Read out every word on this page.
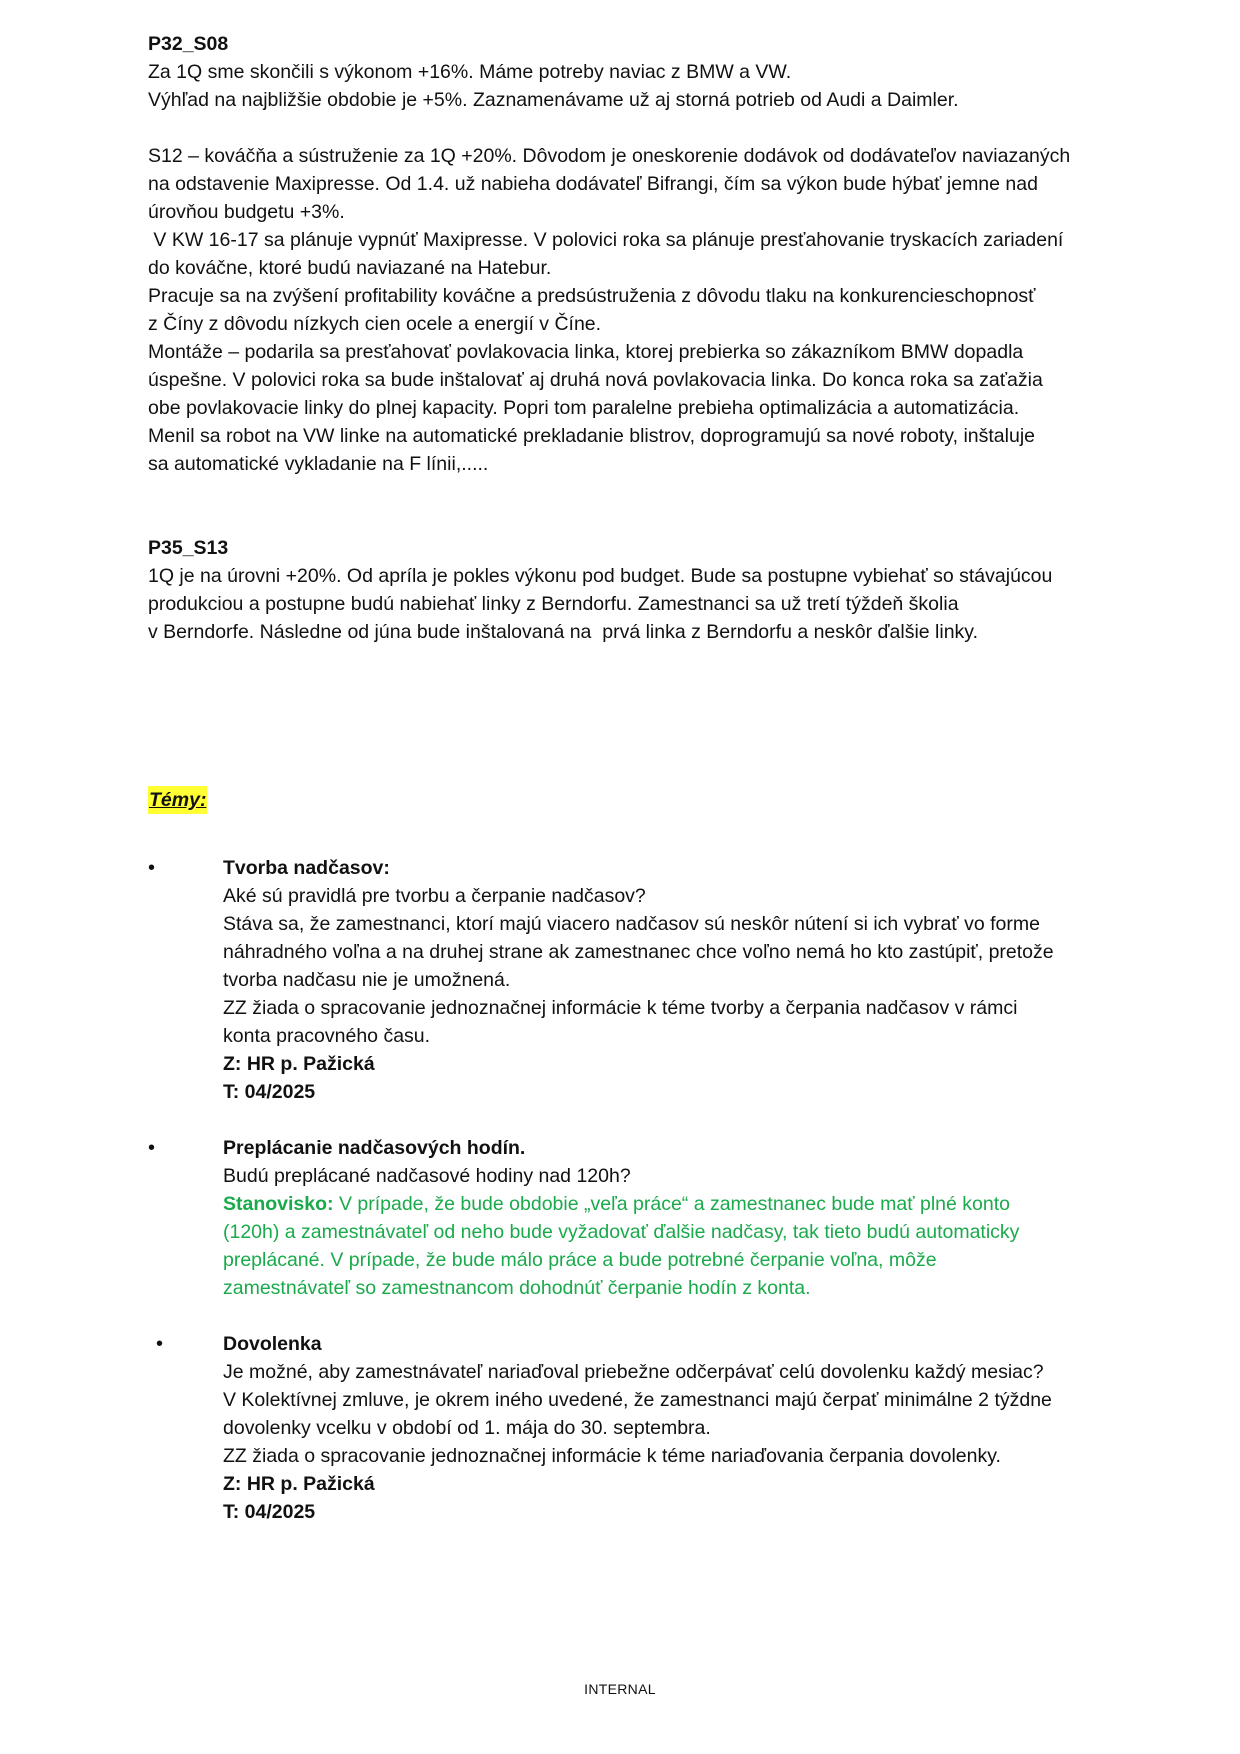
P32_S08
Za 1Q sme skončili s výkonom +16%. Máme potreby naviac z BMW a VW.
Výhľad na najbližšie obdobie je +5%. Zaznamenávame už aj storná potrieb od Audi a Daimler.
S12 – kováčňa a sústruženie za 1Q +20%. Dôvodom je oneskorenie dodávok od dodávateľov naviazaných
na odstavenie Maxipresse. Od 1.4. už nabieha dodávateľ Bifrangi, čím sa výkon bude hýbať jemne nad
úrovňou budgetu +3%.
V KW 16-17 sa plánuje vypnúť Maxipresse. V polovici roka sa plánuje presťahovanie tryskacích zariadení
do kováčne, ktoré budú naviazané na Hatebur.
Pracuje sa na zvýšení profitability kováčne a predsústruženia z dôvodu tlaku na konkurencieschopnosť
z Číny z dôvodu nízkych cien ocele a energií v Číne.
Montáže – podarila sa presťahovať povlakovacia linka, ktorej prebierka so zákazníkom BMW dopadla
úspešne. V polovici roka sa bude inštalovať aj druhá nová povlakovacia linka. Do konca roka sa zaťažia
obe povlakovacie linky do plnej kapacity. Popri tom paralelne prebieha optimalizácia a automatizácia.
Menil sa robot na VW linke na automatické prekladanie blistrov, doprogramujú sa nové roboty, inštaluje
sa automatické vykladanie na F línii,.....
P35_S13
1Q je na úrovni +20%. Od apríla je pokles výkonu pod budget. Bude sa postupne vybiehať so stávajúcou
produkciou a postupne budú nabiehať linky z Berndorfu. Zamestnanci sa už tretí týždeň školia
v Berndorfe. Následne od júna bude inštalovaná na  prvá linka z Berndorfu a neskôr ďalšie linky.
Témy:
•	Tvorba nadčasov:
Aké sú pravidlá pre tvorbu a čerpanie nadčasov?
Stáva sa, že zamestnanci, ktorí majú viacero nadčasov sú neskôr nútení si ich vybrať vo forme
náhradného voľna a na druhej strane ak zamestnanec chce voľno nemá ho kto zastúpiť, pretože
tvorba nadčasu nie je umožnená.
ZZ žiada o spracovanie jednoznačnej informácie k téme tvorby a čerpania nadčasov v rámci
konta pracovného času.
Z: HR p. Pažická
T: 04/2025
•	Preplácanie nadčasových hodín.
Budú preplácané nadčasové hodiny nad 120h?
Stanovisko: V prípade, že bude obdobie „veľa práce“ a zamestnanec bude mať plné konto
(120h) a zamestnávateľ od neho bude vyžadovať ďalšie nadčasy, tak tieto budú automaticky
preplácané. V prípade, že bude málo práce a bude potrebné čerpanie voľna, môže
zamestnávateľ so zamestnancom dohodnúť čerpanie hodín z konta.
•	Dovolenka
Je možné, aby zamestnávateľ nariaďoval priebežne odčerpávať celú dovolenku každý mesiac?
V Kolektívnej zmluve, je okrem iného uvedené, že zamestnanci majú čerpať minimálne 2 týždne
dovolenky vcelku v období od 1. mája do 30. septembra.
ZZ žiada o spracovanie jednoznačnej informácie k téme nariaďovania čerpania dovolenky.
Z: HR p. Pažická
T: 04/2025
INTERNAL
